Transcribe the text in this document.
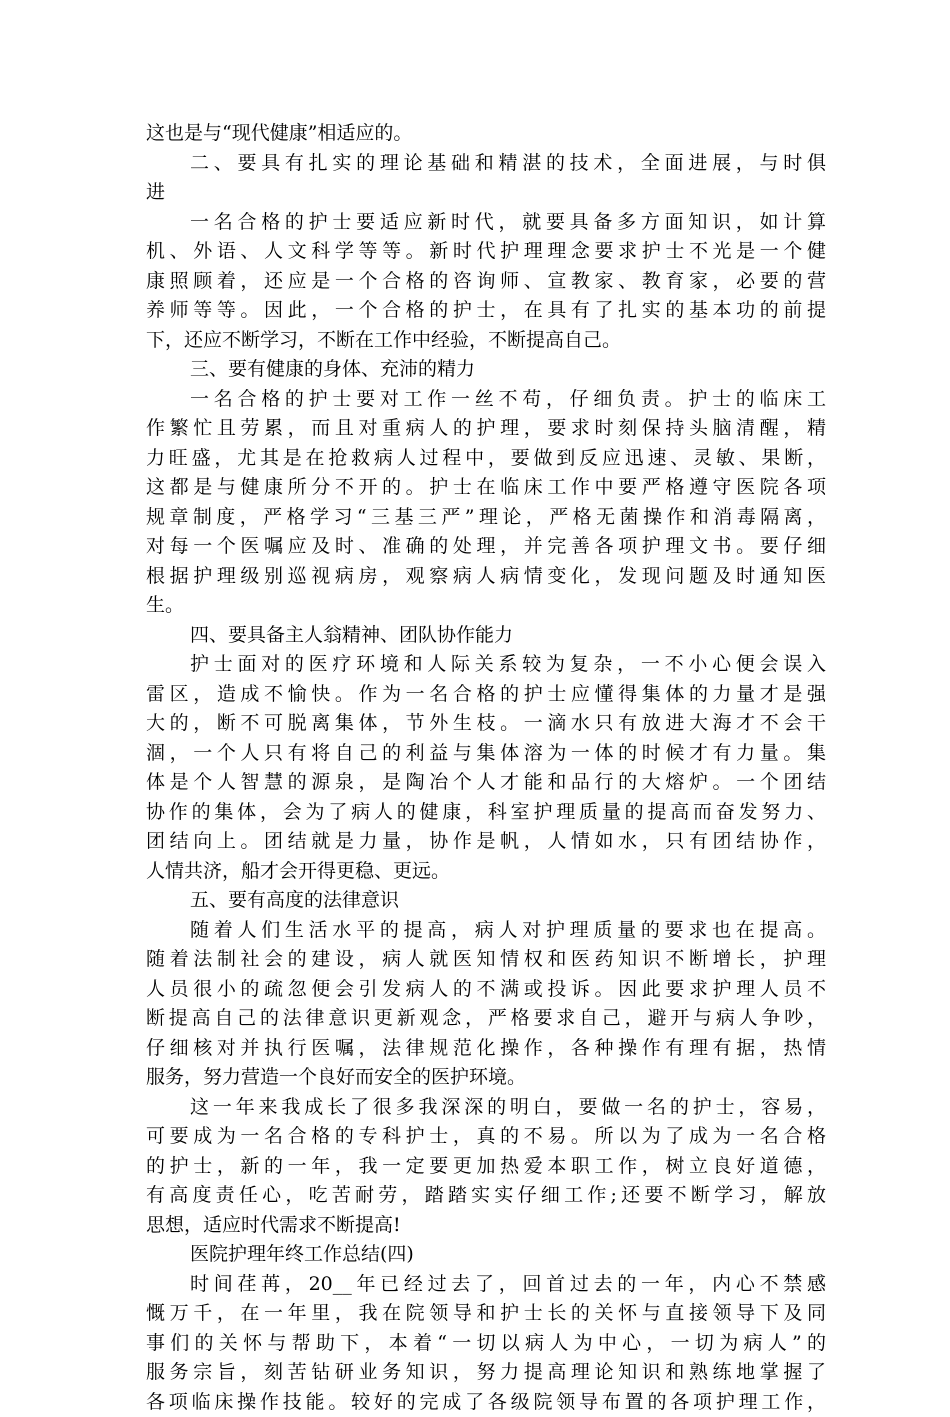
这也是与“现代健康”相适应的。
二、要具有扎实的理论基础和精湛的技术，全面进展，与时俱
进
一名合格的护士要适应新时代，就要具备多方面知识，如计算
机、外语、人文科学等等。新时代护理理念要求护士不光是一个健
康照顾着，还应是一个合格的咨询师、宣教家、教育家，必要的营
养师等等。因此，一个合格的护士，在具有了扎实的基本功的前提
下，还应不断学习，不断在工作中经验，不断提高自己。
三、要有健康的身体、充沛的精力
一名合格的护士要对工作一丝不苟，仔细负责。护士的临床工
作繁忙且劳累，而且对重病人的护理，要求时刻保持头脑清醒，精
力旺盛，尤其是在抢救病人过程中，要做到反应迅速、灵敏、果断，
这都是与健康所分不开的。护士在临床工作中要严格遵守医院各项
规章制度，严格学习“三基三严”理论，严格无菌操作和消毒隔离，
对每一个医嘱应及时、准确的处理，并完善各项护理文书。要仔细
根据护理级别巡视病房，观察病人病情变化，发现问题及时通知医
生。
四、要具备主人翁精神、团队协作能力
护士面对的医疗环境和人际关系较为复杂，一不小心便会误入
雷区，造成不愉快。作为一名合格的护士应懂得集体的力量才是强
大的，断不可脱离集体，节外生枝。一滴水只有放进大海才不会干
涸，一个人只有将自己的利益与集体溶为一体的时候才有力量。集
体是个人智慧的源泉，是陶冶个人才能和品行的大熔炉。一个团结
协作的集体，会为了病人的健康，科室护理质量的提高而奋发努力、
团结向上。团结就是力量，协作是帆，人情如水，只有团结协作，
人情共济，船才会开得更稳、更远。
五、要有高度的法律意识
随着人们生活水平的提高，病人对护理质量的要求也在提高。
随着法制社会的建设，病人就医知情权和医药知识不断增长，护理
人员很小的疏忽便会引发病人的不满或投诉。因此要求护理人员不
断提高自己的法律意识更新观念，严格要求自己，避开与病人争吵，
仔细核对并执行医嘱，法律规范化操作，各种操作有理有据，热情
服务，努力营造一个良好而安全的医护环境。
这一年来我成长了很多我深深的明白，要做一名的护士，容易，
可要成为一名合格的专科护士，真的不易。所以为了成为一名合格
的护士，新的一年，我一定要更加热爱本职工作，树立良好道德，
有高度责任心，吃苦耐劳，踏踏实实仔细工作;还要不断学习，解放
思想，适应时代需求不断提高!
医院护理年终工作总结(四)
时间荏苒，20__年已经过去了，回首过去的一年，内心不禁感
慨万千，在一年里，我在院领导和护士长的关怀与直接领导下及同
事们的关怀与帮助下，本着“一切以病人为中心，一切为病人”的
服务宗旨，刻苦钻研业务知识，努力提高理论知识和熟练地掌握了
各项临床操作技能。较好的完成了各级院领导布置的各项护理工作，
